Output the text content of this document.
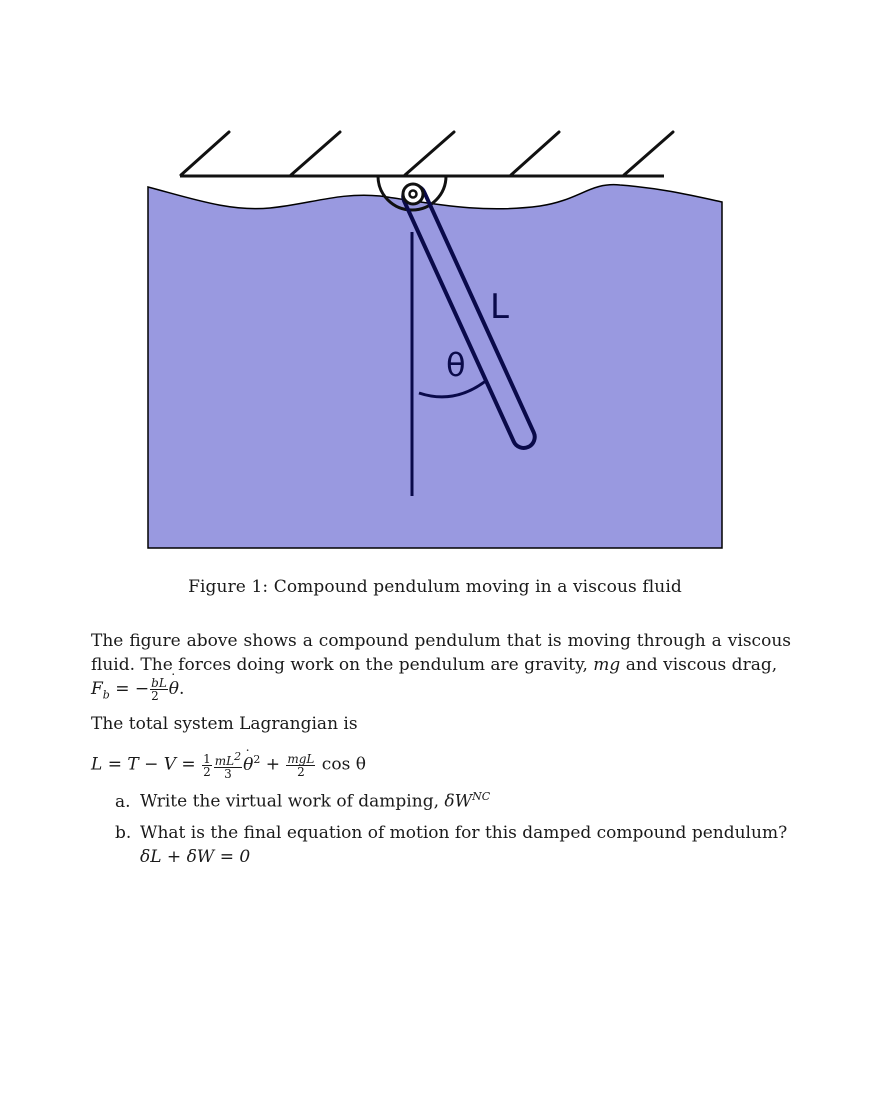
L
θ
Figure 1: Compound pendulum moving in a viscous fluid
The figure above shows a compound pendulum that is moving through a viscous fluid. The forces doing work on the pendulum are gravity, mg and viscous drag,
$F_b$ = − $\frac{bL}{2}$ θ ˙.
The total system Lagrangian is
$L = T - V = \frac{1}{2} \frac{mL^2}{3}$ θ ˙$^2$ + $\frac{\text{mgL}}{2}$ cos θ
a. Write the virtual work of damping, $\delta W^{NC}$
b. What is the final equation of motion for this damped compound pendulum?
δL + δW = 0
